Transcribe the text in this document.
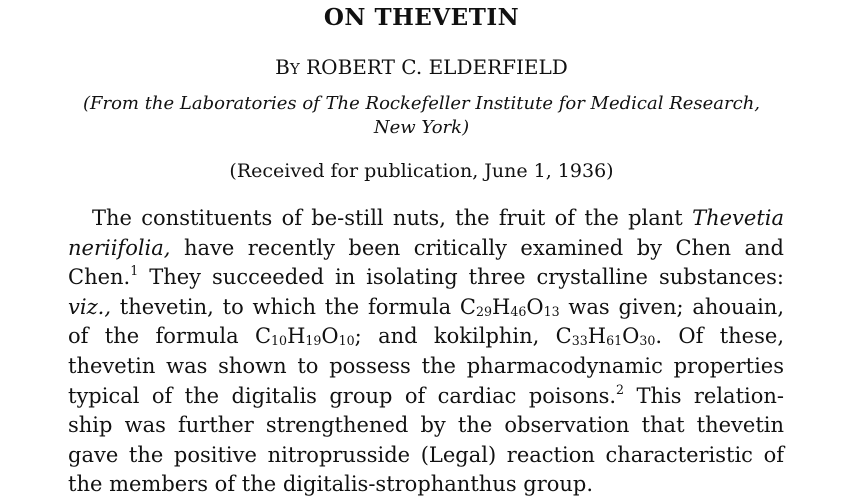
ON THEVETIN
BY ROBERT C. ELDERFIELD
(From the Laboratories of The Rockefeller Institute for Medical Research,
New York)
(Received for publication, June 1, 1936)
The constituents of be-still nuts, the fruit of the plant Thevetia
neriifolia, have recently been critically examined by Chen and
Chen.$^1$ They succeeded in isolating three crystalline substances:
viz., thevetin, to which the formula $C_{29}H_{46}O_{13}$ was given; ahouain,
of the formula $C_{10}H_{19}O_{10}$; and kokilphin, $C_{33}H_{61}O_{30}$. Of these,
thevetin was shown to possess the pharmacodynamic properties
typical of the digitalis group of cardiac poisons.$^2$ This relation-
ship was further strengthened by the observation that thevetin
gave the positive nitroprusside (Legal) reaction characteristic of
the members of the digitalis-strophanthus group.
